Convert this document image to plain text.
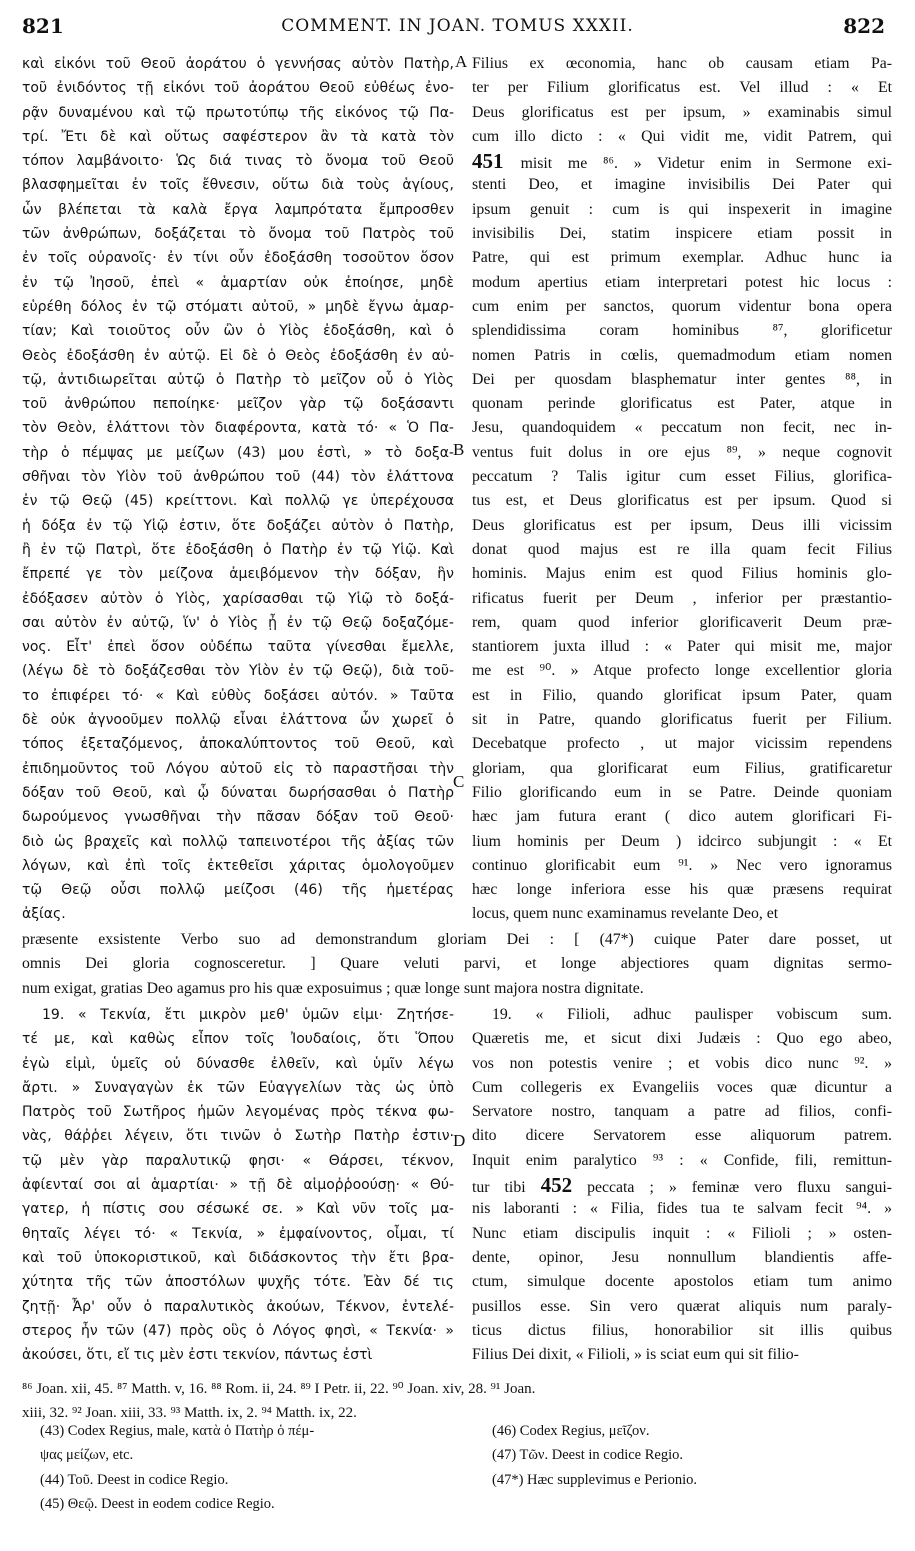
821	COMMENT. IN JOAN. TOMUS XXXII.	822
A
B
C
D
καὶ εἰκόνι τοῦ Θεοῦ ἀοράτου ὁ γεννήσας αὐτὸν Πατὴρ,
τοῦ ἐνιδόντος τῇ εἰκόνι τοῦ ἀοράτου Θεοῦ εὐθέως ἐνο-
ρᾷν δυναμένου καὶ τῷ πρωτοτύπῳ τῆς εἰκόνος τῷ Πα-
τρί. Ἔτι δὲ καὶ οὕτως σαφέστερον ἂν τὰ κατὰ τὸν
τόπον λαμβάνοιτο· Ὡς διά τινας τὸ ὄνομα τοῦ Θεοῦ
βλασφημεῖται ἐν τοῖς ἔθνεσιν, οὕτω διὰ τοὺς ἁγίους,
ὧν βλέπεται τὰ καλὰ ἔργα λαμπρότατα ἔμπροσθεν
τῶν ἀνθρώπων, δοξάζεται τὸ ὄνομα τοῦ Πατρὸς τοῦ
ἐν τοῖς οὐρανοῖς· ἐν τίνι οὖν ἐδοξάσθη τοσοῦτον ὅσον
ἐν τῷ Ἰησοῦ, ἐπεὶ « ἁμαρτίαν οὐκ ἐποίησε, μηδὲ
εὑρέθη δόλος ἐν τῷ στόματι αὐτοῦ, » μηδὲ ἔγνω ἁμαρ-
τίαν; Καὶ τοιοῦτος οὖν ὢν ὁ Υἱὸς ἐδοξάσθη, καὶ ὁ
Θεὸς ἐδοξάσθη ἐν αὐτῷ. Εἰ δὲ ὁ Θεὸς ἐδοξάσθη ἐν αὐ-
τῷ, ἀντιδιωρεῖται αὐτῷ ὁ Πατὴρ τὸ μεῖζον οὗ ὁ Υἱὸς
τοῦ ἀνθρώπου πεποίηκε· μεῖζον γὰρ τῷ δοξάσαντι
τὸν Θεὸν, ἐλάττονι τὸν διαφέροντα, κατὰ τό· « Ὁ Πα-
τὴρ ὁ πέμψας με μείζων (43) μου ἐστὶ, » τὸ δοξα-
σθῆναι τὸν Υἱὸν τοῦ ἀνθρώπου τοῦ (44) τὸν ἐλάττονα
ἐν τῷ Θεῷ (45) κρείττονι. Καὶ πολλῷ γε ὑπερέχουσα
ἡ δόξα ἐν τῷ Υἱῷ ἐστιν, ὅτε δοξάζει αὐτὸν ὁ Πατὴρ,
ἢ ἐν τῷ Πατρὶ, ὅτε ἐδοξάσθη ὁ Πατὴρ ἐν τῷ Υἱῷ. Καὶ
ἔπρεπέ γε τὸν μείζονα ἀμειβόμενον τὴν δόξαν, ἣν
ἐδόξασεν αὐτὸν ὁ Υἱὸς, χαρίσασθαι τῷ Υἱῷ τὸ δοξά-
σαι αὐτὸν ἐν αὐτῷ, ἵν' ὁ Υἱὸς ᾖ ἐν τῷ Θεῷ δοξαζόμε-
νος. Εἶτ' ἐπεὶ ὅσον οὐδέπω ταῦτα γίνεσθαι ἔμελλε,
(λέγω δὲ τὸ δοξάζεσθαι τὸν Υἱὸν ἐν τῷ Θεῷ), διὰ τοῦ-
το ἐπιφέρει τό· « Καὶ εὐθὺς δοξάσει αὐτόν. » Ταῦτα
δὲ οὐκ ἀγνοοῦμεν πολλῷ εἶναι ἐλάττονα ὧν χωρεῖ ὁ
τόπος ἐξεταζόμενος, ἀποκαλύπτοντος τοῦ Θεοῦ, καὶ
ἐπιδημοῦντος τοῦ Λόγου αὐτοῦ εἰς τὸ παραστῆσαι τὴν
δόξαν τοῦ Θεοῦ, καὶ ᾧ δύναται δωρήσασθαι ὁ Πατὴρ
δωρούμενος γνωσθῆναι τὴν πᾶσαν δόξαν τοῦ Θεοῦ·
διὸ ὡς βραχεῖς καὶ πολλῷ ταπεινοτέροι τῆς ἀξίας τῶν
λόγων, καὶ ἐπὶ τοῖς ἐκτεθεῖσι χάριτας ὁμολογοῦμεν
τῷ Θεῷ οὖσι πολλῷ μείζοσι (46) τῆς ἡμετέρας
ἀξίας.
Filius ex œconomia, hanc ob causam etiam Pa-
ter per Filium glorificatus est. Vel illud : « Et
Deus glorificatus est per ipsum, » examinabis simul
cum illo dicto : « Qui vidit me, vidit Patrem, qui
451 misit me ⁸⁶. » Videtur enim in Sermone exi-
stenti Deo, et imagine invisibilis Dei Pater qui
ipsum genuit : cum is qui inspexerit in imagine
invisibilis Dei, statim inspicere etiam possit in
Patre, qui est primum exemplar. Adhuc hunc ia
modum apertius etiam interpretari potest hic locus :
cum enim per sanctos, quorum videntur bona opera
splendidissima coram hominibus ⁸⁷, glorificetur
nomen Patris in cœlis, quemadmodum etiam nomen
Dei per quosdam blasphematur inter gentes ⁸⁸, in
quonam perinde glorificatus est Pater, atque in
Jesu, quandoquidem « peccatum non fecit, nec in-
ventus fuit dolus in ore ejus ⁸⁹, » neque cognovit
peccatum ? Talis igitur cum esset Filius, glorifica-
tus est, et Deus glorificatus est per ipsum. Quod si
Deus glorificatus est per ipsum, Deus illi vicissim
donat quod majus est re illa quam fecit Filius
hominis. Majus enim est quod Filius hominis glo-
rificatus fuerit per Deum , inferior per præstantio-
rem, quam quod inferior glorificaverit Deum præ-
stantiorem juxta illud : « Pater qui misit me, major
me est ⁹⁰. » Atque profecto longe excellentior gloria
est in Filio, quando glorificat ipsum Pater, quam
sit in Patre, quando glorificatus fuerit per Filium.
Decebatque profecto , ut major vicissim rependens
gloriam, qua glorificarat eum Filius, gratificaretur
Filio glorificando eum in se Patre. Deinde quoniam
hæc jam futura erant ( dico autem glorificari Fi-
lium hominis per Deum ) idcirco subjungit : « Et
continuo glorificabit eum ⁹¹. » Nec vero ignoramus
hæc longe inferiora esse his quæ præsens requirat
locus, quem nunc examinamus revelante Deo, et
præsente exsistente Verbo suo ad demonstrandum gloriam Dei : [ (47*) cuique Pater dare posset, ut
omnis Dei gloria cognosceretur. ] Quare veluti parvi, et longe abjectiores quam dignitas sermo-
num exigat, gratias Deo agamus pro his quæ exposuimus ; quæ longe sunt majora nostra dignitate.
19. « Τεκνία, ἔτι μικρὸν μεθ' ὑμῶν εἰμι· Ζητήσε-
τέ με, καὶ καθὼς εἶπον τοῖς Ἰουδαίοις, ὅτι Ὅπου
ἐγὼ εἰμὶ, ὑμεῖς οὐ δύνασθε ἐλθεῖν, καὶ ὑμῖν λέγω
ἄρτι. » Συναγαγὼν ἐκ τῶν Εὐαγγελίων τὰς ὡς ὑπὸ
Πατρὸς τοῦ Σωτῆρος ἡμῶν λεγομένας πρὸς τέκνα φω-
νὰς, θάῤῥει λέγειν, ὅτι τινῶν ὁ Σωτὴρ Πατὴρ ἐστιν·
τῷ μὲν γὰρ παραλυτικῷ φησι· « Θάρσει, τέκνον,
ἀφίενταί σοι αἱ ἁμαρτίαι· » τῇ δὲ αἱμοῤῥοούσῃ· « Θύ-
γατερ, ἡ πίστις σου σέσωκέ σε. » Καὶ νῦν τοῖς μα-
θηταῖς λέγει τό· « Τεκνία, » ἐμφαίνοντος, οἶμαι, τί
καὶ τοῦ ὑποκοριστικοῦ, καὶ διδάσκοντος τὴν ἔτι βρα-
χύτητα τῆς τῶν ἀποστόλων ψυχῆς τότε. Ἐὰν δέ τις
ζητῇ· Ἆρ' οὖν ὁ παραλυτικὸς ἀκούων, Τέκνον, ἐντελέ-
στερος ἦν τῶν (47) πρὸς οὓς ὁ Λόγος φησὶ, « Τεκνία· »
ἀκούσει, ὅτι, εἴ τις μὲν ἐστι τεκνίον, πάντως ἐστὶ
19. « Filioli, adhuc paulisper vobiscum sum.
Quæretis me, et sicut dixi Judæis : Quo ego abeo,
vos non potestis venire ; et vobis dico nunc ⁹². »
Cum collegeris ex Evangeliis voces quæ dicuntur a
Servatore nostro, tanquam a patre ad filios, confi-
dito dicere Servatorem esse aliquorum patrem.
Inquit enim paralytico ⁹³ : « Confide, fili, remittun-
tur tibi 452 peccata ; » feminæ vero fluxu sangui-
nis laboranti : « Filia, fides tua te salvam fecit ⁹⁴. »
Nunc etiam discipulis inquit : « Filioli ; » osten-
dente, opinor, Jesu nonnullum blandientis affe-
ctum, simulque docente apostolos etiam tum animo
pusillos esse. Sin vero quærat aliquis num paraly-
ticus dictus filius, honorabilior sit illis quibus
Filius Dei dixit, « Filioli, » is sciat eum qui sit filio-
⁸⁶ Joan. xii, 45. ⁸⁷ Matth. v, 16. ⁸⁸ Rom. ii, 24. ⁸⁹ I Petr. ii, 22. ⁹⁰ Joan. xiv, 28. ⁹¹ Joan.
xiii, 32. ⁹² Joan. xiii, 33. ⁹³ Matth. ix, 2. ⁹⁴ Matth. ix, 22.
(43) Codex Regius, male, κατὰ ὁ Πατὴρ ὁ πέμ-
ψας μείζων, etc.
(44) Τοῦ. Deest in codice Regio.
(45) Θεῷ. Deest in eodem codice Regio.
(46) Codex Regius, μεῖζον.
(47) Τῶν. Deest in codice Regio.
(47*) Hæc supplevimus e Perionio.
